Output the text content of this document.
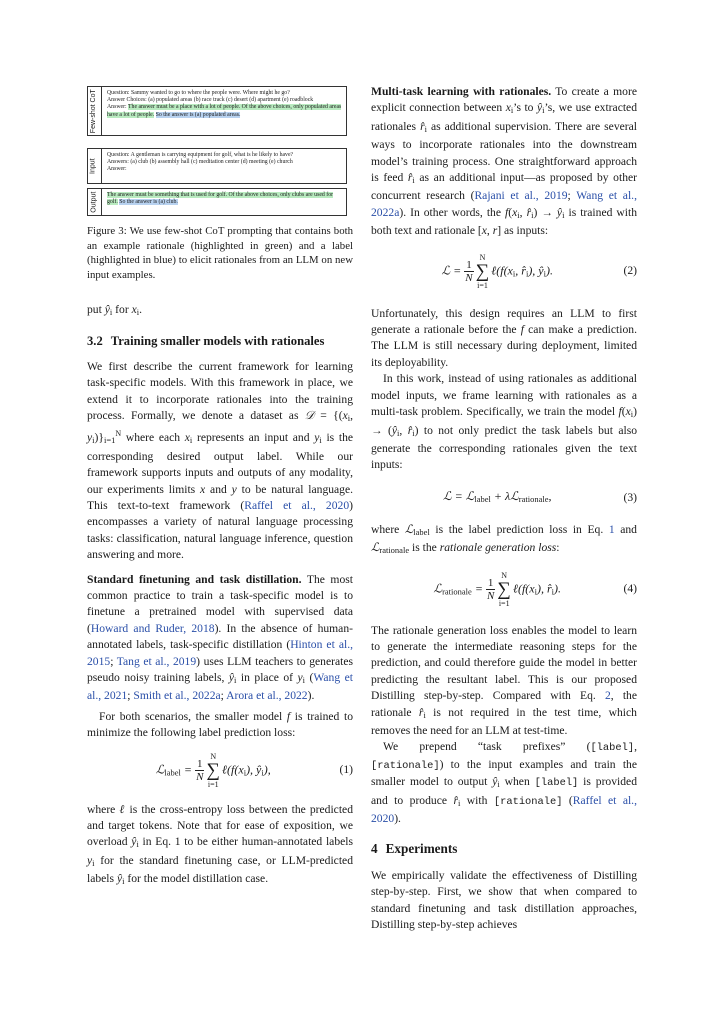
Few-shot CoT	Question: Sammy wanted to go to where the people were. Where might he go?
Answer Choices: (a) populated areas (b) race track (c) desert (d) apartment (e) roadblock
Answer: The answer must be a place with a lot of people. Of the above choices, only populated areas have a lot of people. So the answer is (a) populated areas.
Input
Question: A gentleman is carrying equipment for golf, what is he likely to have?
Answers: (a) club (b) assembly hall (c) meditation center (d) meeting (e) church
Answer:
Output	The answer must be something that is used for golf. Of the above choices, only clubs are used for golf. So the answer is (a) club.
Figure 3: We use few-shot CoT prompting that contains both an example rationale (highlighted in green) and a label (highlighted in blue) to elicit rationales from an LLM on new input examples.

put $ŷ_i$ for $x_i$.

3.2 Training smaller models with rationales

We first describe the current framework for learning task-specific models. With this framework in place, we extend it to incorporate rationales into the training process. Formally, we denote a dataset as 𝒟 = {($x_i$, $y_i)\}_{i=1}^N$ where each $x_i$ represents an input and $y_i$ is the corresponding desired output label. While our framework supports inputs and outputs of any modality, our experiments limits x and y to be natural language. This text-to-text framework (Raffel et al., 2020) encompasses a variety of natural language processing tasks: classification, natural language inference, question answering and more.

Standard finetuning and task distillation. The most common practice to train a task-specific model is to finetune a pretrained model with supervised data (Howard and Ruder, 2018). In the absence of human-annotated labels, task-specific distillation (Hinton et al., 2015; Tang et al., 2019) uses LLM teachers to generates pseudo noisy training labels, $ŷ_i$ in place of $y_i$ (Wang et al., 2021; Smith et al., 2022a; Arora et al., 2022).

For both scenarios, the smaller model f is trained to minimize the following label prediction loss:

ℒ$_{label}$ = $\frac{1}{N}$
N
∑
i=1
$\ell(f(x_i)$, $ŷ_i$),	(1)

where ℓ is the cross-entropy loss between the predicted and target tokens. Note that for ease of exposition, we overload $ŷ_i$ in Eq. 1 to be either human-annotated labels $y_i$ for the standard finetuning case, or LLM-predicted labels $ŷ_i$ for the model distillation case.

Multi-task learning with rationales. To create a more explicit connection between $x_i’s$ to $ŷ_i’s$, we use extracted rationales $r̂_i$ as additional supervision. There are several ways to incorporate rationales into the downstream model’s training process. One straightforward approach is feed $r̂_i$ as an additional input—as proposed by other concurrent research (Rajani et al., 2019; Wang et al., 2022a). In other words, the $f(x_i$, $r̂_i$) → $ŷ_i$ is trained with both text and rationale [x, r] as inputs:

ℒ = $\frac{1}{N}$
N
∑
i=1
$\ell(f(x_i$, $r̂_i$), $ŷ_i$).	(2)

Unfortunately, this design requires an LLM to first generate a rationale before the f can make a prediction. The LLM is still necessary during deployment, limited its deployability.

In this work, instead of using rationales as additional model inputs, we frame learning with rationales as a multi-task problem. Specifically, we train the model $f(x_i)$ → ($ŷ_i$, $r̂_i$) to not only predict the task labels but also generate the corresponding rationales given the text inputs:

ℒ = ℒ$_{label}$ + λℒ$_{rationale}$,	(3)

where ℒ$_{label}$ is the label prediction loss in Eq. 1 and ℒ$_{rationale}$ is the rationale generation loss:

ℒ$_{rationale}$ = $\frac{1}{N}$
N
∑
i=1
$\ell(f(x_i)$, $r̂_i$).	(4)

The rationale generation loss enables the model to learn to generate the intermediate reasoning steps for the prediction, and could therefore guide the model in better predicting the resultant label. This is our proposed Distilling step-by-step. Compared with Eq. 2, the rationale $r̂_i$ is not required in the test time, which removes the need for an LLM at test-time.

We prepend “task prefixes” ([label], [rationale]) to the input examples and train the smaller model to output $ŷ_i$ when [label] is provided and to produce $r̂_i$ with [rationale] (Raffel et al., 2020).

4 Experiments

We empirically validate the effectiveness of Distilling step-by-step. First, we show that when compared to standard finetuning and task distillation approaches, Distilling step-by-step achieves
